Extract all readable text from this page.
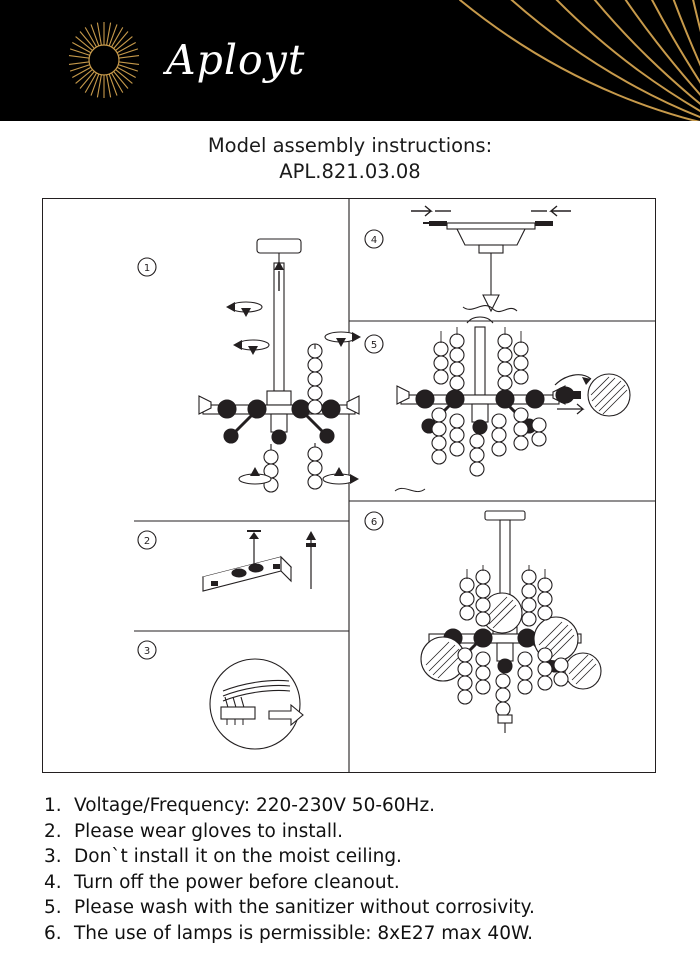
Aployt
Model assembly instructions:
APL.821.03.08
1
2
3
4
5
6
1. Voltage/Frequency: 220-230V 50-60Hz.
2. Please wear gloves to install.
3. Don`t install it on the moist ceiling.
4. Turn off the power before cleanout.
5. Please wash with the sanitizer without corrosivity.
6. The use of lamps is permissible: 8xE27 max 40W.
